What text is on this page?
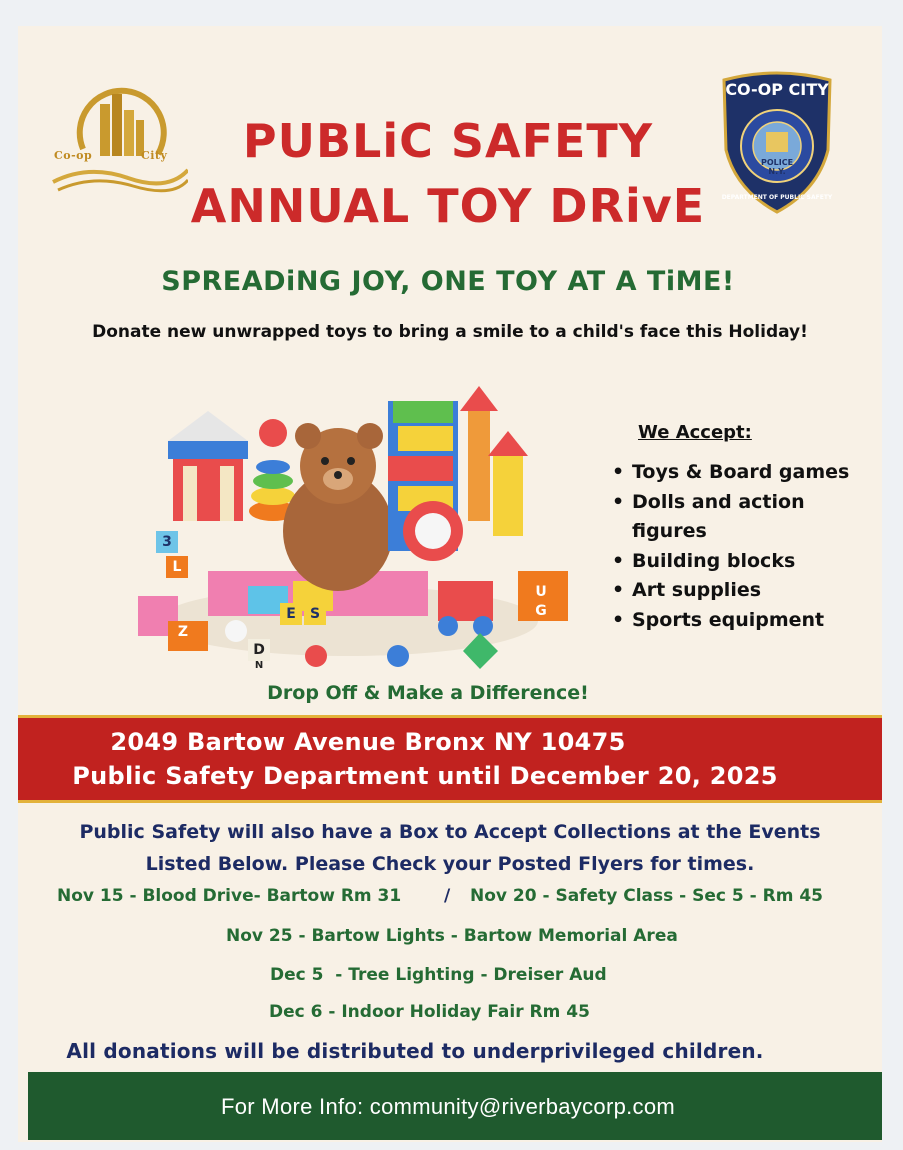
Co-op	City
CO-OP CITY
POLICE
N.Y.
DEPARTMENT OF PUBLIC SAFETY
PUBLiC SAFETY
ANNUAL TOY DRivE
SPREADiNG JOY, ONE TOY AT A TiME!
Donate new unwrapped toys to bring a smile to a child's face this Holiday!
3
L
D
N
E	S
U
G
Z
We Accept:
• Toys & Board games
• Dolls and action figures
• Building blocks
• Art supplies
• Sports equipment
Drop Off & Make a Difference!
2049 Bartow Avenue Bronx NY 10475
Public Safety Department until December 20, 2025
Public Safety will also have a Box to Accept Collections at the Events
Listed Below. Please Check your Posted Flyers for times.
Nov 15 - Blood Drive- Bartow Rm 31	/ Nov 20 - Safety Class - Sec 5 - Rm 45
Nov 25 - Bartow Lights - Bartow Memorial Area
Dec 5  - Tree Lighting - Dreiser Aud
Dec 6 - Indoor Holiday Fair Rm 45
All donations will be distributed to underprivileged children.
For More Info: community@riverbaycorp.com
